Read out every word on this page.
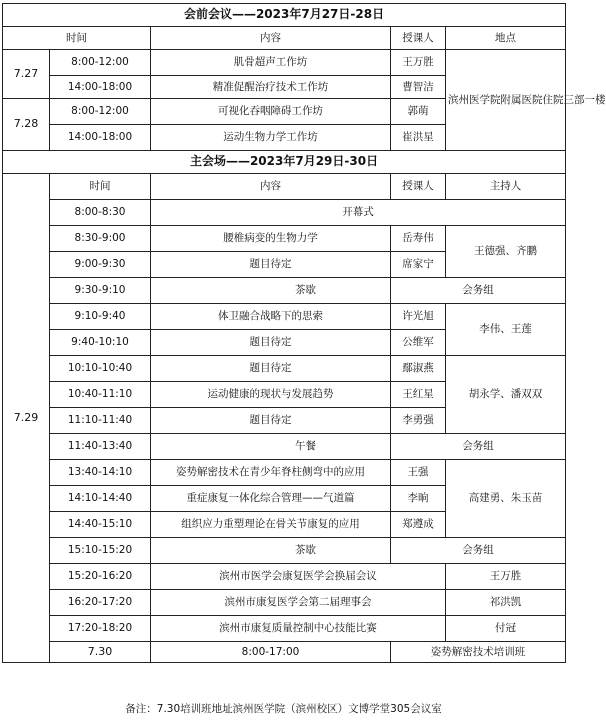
会前会议——2023年7月27日-28日					
时间		内容	授课人	地点	
7.27	8:00-12:00	肌骨超声工作坊	王万胜	滨州医学院附属医院住院三部一楼	
	14:00-18:00	精准促醒治疗技术工作坊	曹智洁		
7.28	8:00-12:00	可视化吞咽障碍工作坊	郭萌		
	14:00-18:00	运动生物力学工作坊	崔洪星		
主会场——2023年7月29日-30日					
7.29	时间	内容	授课人	主持人	
	8:00-8:30	开幕式			
	8:30-9:00	腰椎病变的生物力学	岳寿伟	王德强、齐鹏	
	9:00-9:30	题目待定	席家宁		
	9:30-9:10	茶歇	会务组		
	9:10-9:40	体卫融合战略下的思索	许光旭	李伟、王莲	
	9:40-10:10	题目待定	公维军		
	10:10-10:40	题目待定	鄢淑燕	胡永学、潘双双	
	10:40-11:10	运动健康的现状与发展趋势	王红星		
	11:10-11:40	题目待定	李勇强		
	11:40-13:40	午餐	会务组		
	13:40-14:10	姿势解密技术在青少年脊柱侧弯中的应用	王强	高建勇、朱玉苗	
	14:10-14:40	重症康复一体化综合管理——气道篇	李晌		
	14:40-15:10	组织应力重塑理论在骨关节康复的应用	郑遵成		
	15:10-15:20	茶歇	会务组		
	15:20-16:20	滨州市医学会康复医学会换届会议		王万胜	
	16:20-17:20	滨州市康复医学会第二届理事会		祁洪凯	
	17:20-18:20	滨州市康复质量控制中心技能比赛		付冠	
	7.30	8:00-17:00	姿势解密技术培训班	
备注：7.30培训班地址滨州医学院（滨州校区）文博学堂305会议室
